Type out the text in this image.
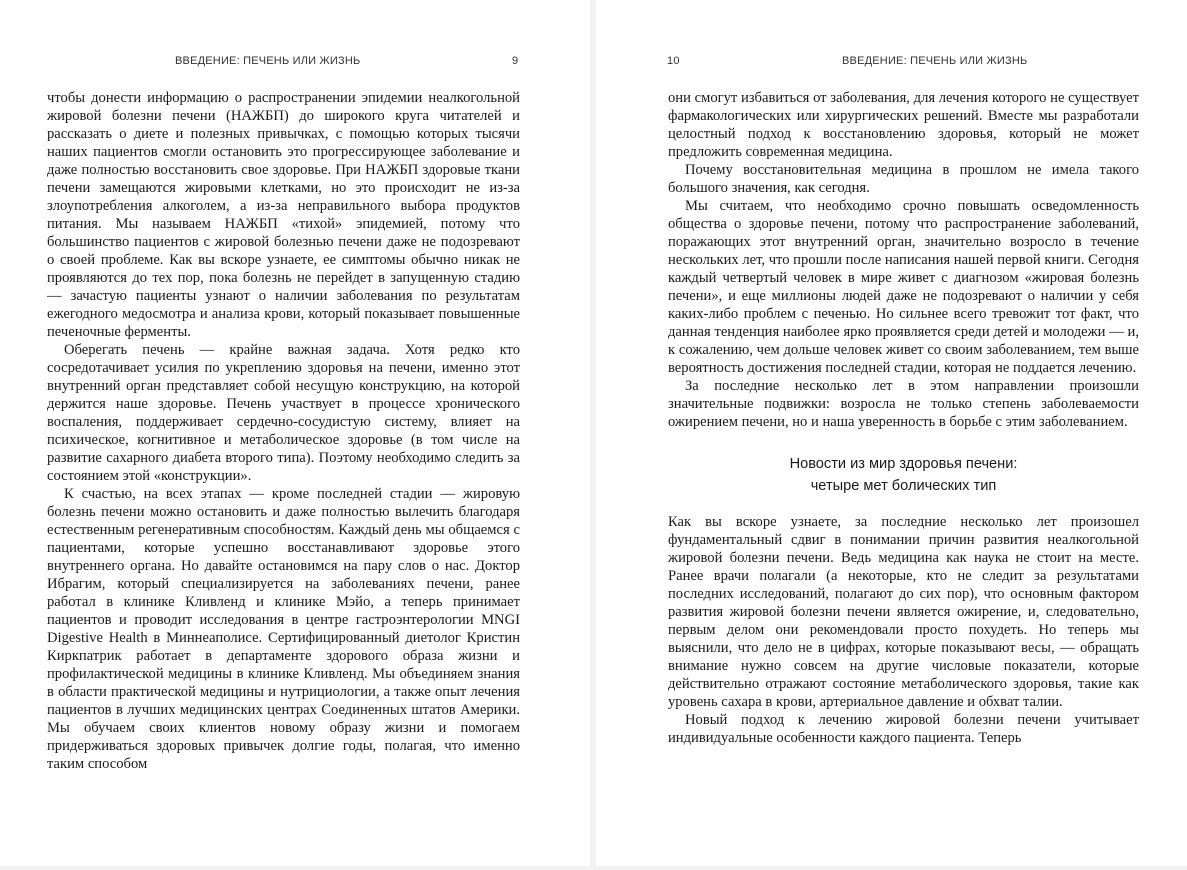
ВВЕДЕНИЕ: ПЕЧЕНЬ ИЛИ ЖИЗНЬ	9

чтобы донести информацию о распространении эпидемии неалкогольной жировой болезни печени (НАЖБП) до широкого круга читателей и рассказать о диете и полезных привычках, с помощью которых тысячи наших пациентов смогли остановить это прогрессирующее заболевание и даже полностью восстановить свое здоровье. При НАЖБП здоровые ткани печени замещаются жировыми клетками, но это происходит не из-за злоупотребления алкоголем, а из-за неправильного выбора продуктов питания. Мы называем НАЖБП «тихой» эпидемией, потому что большинство пациентов с жировой болезнью печени даже не подозревают о своей проблеме. Как вы вскоре узнаете, ее симптомы обычно никак не проявляются до тех пор, пока болезнь не перейдет в запущенную стадию — зачастую пациенты узнают о наличии заболевания по результатам ежегодного медосмотра и анализа крови, который показывает повышенные печеночные ферменты.

Оберегать печень — крайне важная задача. Хотя редко кто сосредотачивает усилия по укреплению здоровья на печени, именно этот внутренний орган представляет собой несущую конструкцию, на которой держится наше здоровье. Печень участвует в процессе хронического воспаления, поддерживает сердечно-сосудистую систему, влияет на психическое, когнитивное и метаболическое здоровье (в том числе на развитие сахарного диабета второго типа). Поэтому необходимо следить за состоянием этой «конструкции».

К счастью, на всех этапах — кроме последней стадии — жировую болезнь печени можно остановить и даже полностью вылечить благодаря естественным регенеративным способностям. Каждый день мы общаемся с пациентами, которые успешно восстанавливают здоровье этого внутреннего органа. Но давайте остановимся на пару слов о нас. Доктор Ибрагим, который специализируется на заболеваниях печени, ранее работал в клинике Кливленд и клинике Мэйо, а теперь принимает пациентов и проводит исследования в центре гастроэнтерологии MNGI Digestive Health в Миннеаполисе. Сертифицированный диетолог Кристин Киркпатрик работает в департаменте здорового образа жизни и профилактической медицины в клинике Кливленд. Мы объединяем знания в области практической медицины и нутрициологии, а также опыт лечения пациентов в лучших медицинских центрах Соединенных штатов Америки. Мы обучаем своих клиентов новому образу жизни и помогаем придерживаться здоровых привычек долгие годы, полагая, что именно таким способом

10	ВВЕДЕНИЕ: ПЕЧЕНЬ ИЛИ ЖИЗНЬ

они смогут избавиться от заболевания, для лечения которого не существует фармакологических или хирургических решений. Вместе мы разработали целостный подход к восстановлению здоровья, который не может предложить современная медицина.

Почему восстановительная медицина в прошлом не имела такого большого значения, как сегодня.

Мы считаем, что необходимо срочно повышать осведомленность общества о здоровье печени, потому что распространение заболеваний, поражающих этот внутренний орган, значительно возросло в течение нескольких лет, что прошли после написания нашей первой книги. Сегодня каждый четвертый человек в мире живет с диагнозом «жировая болезнь печени», и еще миллионы людей даже не подозревают о наличии у себя каких-либо проблем с печенью. Но сильнее всего тревожит тот факт, что данная тенденция наиболее ярко проявляется среди детей и молодежи — и, к сожалению, чем дольше человек живет со своим заболеванием, тем выше вероятность достижения последней стадии, которая не поддается лечению.

За последние несколько лет в этом направлении произошли значительные подвижки: возросла не только степень заболеваемости ожирением печени, но и наша уверенность в борьбе с этим заболеванием.

Новости из мир здоровья печени:
четыре мет болических тип

Как вы вскоре узнаете, за последние несколько лет произошел фундаментальный сдвиг в понимании причин развития неалкогольной жировой болезни печени. Ведь медицина как наука не стоит на месте. Ранее врачи полагали (а некоторые, кто не следит за результатами последних исследований, полагают до сих пор), что основным фактором развития жировой болезни печени является ожирение, и, следовательно, первым делом они рекомендовали просто похудеть. Но теперь мы выяснили, что дело не в цифрах, которые показывают весы, — обращать внимание нужно совсем на другие числовые показатели, которые действительно отражают состояние метаболического здоровья, такие как уровень сахара в крови, артериальное давление и обхват талии.

Новый подход к лечению жировой болезни печени учитывает индивидуальные особенности каждого пациента. Теперь
